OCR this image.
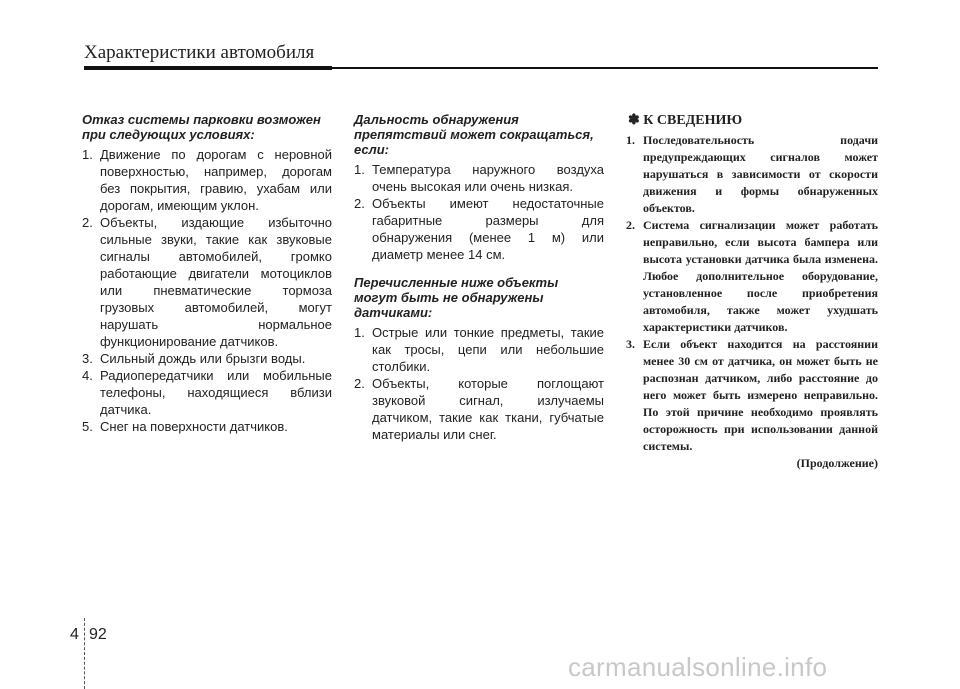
Характеристики автомобиля

Отказ системы парковки возможен при следующих условиях:

1. Движение по дорогам с неровной поверхностью, например, дорогам без покрытия, гравию, ухабам или дорогам, имеющим уклон.
2. Объекты, издающие избыточно сильные звуки, такие как звуковые сигналы автомобилей, громко работающие двигатели мотоциклов или пневматические тормоза грузовых автомобилей, могут нарушать нормальное функционирование датчиков.
3. Сильный дождь или брызги воды.
4. Радиопередатчики или мобильные телефоны, находящиеся вблизи датчика.
5. Снег на поверхности датчиков.

Дальность обнаружения препятствий может сокращаться, если:

1. Температура наружного воздуха очень высокая или очень низкая.
2. Объекты имеют недостаточные габаритные размеры для обнаружения (менее 1 м) или диаметр менее 14 см.

Перечисленные ниже объекты могут быть не обнаружены датчиками:

1. Острые или тонкие предметы, такие как тросы, цепи или небольшие столбики.
2. Объекты, которые поглощают звуковой сигнал, излучаемы датчиком, такие как ткани, губчатые материалы или снег.

✽ К СВЕДЕНИЮ

1. Последовательность подачи предупреждающих сигналов может нарушаться в зависимости от скорости движения и формы обнаруженных объектов.
2. Система сигнализации может работать неправильно, если высота бампера или высота установки датчика была изменена. Любое дополнительное оборудование, установленное после приобретения автомобиля, также может ухудшать характеристики датчиков.
3. Если объект находится на расстоянии менее 30 см от датчика, он может быть не распознан датчиком, либо расстояние до него может быть измерено неправильно. По этой причине необходимо проявлять осторожность при использовании данной системы.
(Продолжение)
4 92
carmanualsonline.info
